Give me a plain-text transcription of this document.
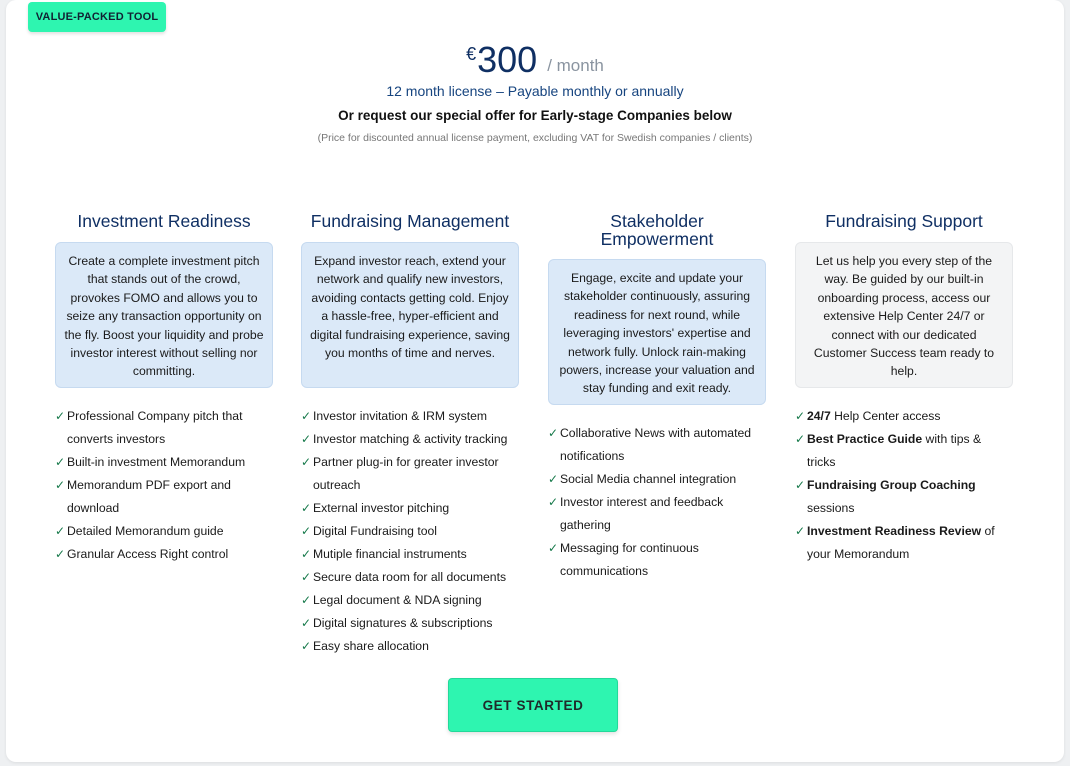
VALUE-PACKED TOOL
€ 300 / month
12 month license – Payable monthly or annually
Or request our special offer for Early-stage Companies below
(Price for discounted annual license payment, excluding VAT for Swedish companies / clients)
Investment Readiness
Create a complete investment pitch that stands out of the crowd, provokes FOMO and allows you to seize any transaction opportunity on the fly. Boost your liquidity and probe investor interest without selling nor committing.
✓ Professional Company pitch that converts investors
✓ Built-in investment Memorandum
✓ Memorandum PDF export and download
✓ Detailed Memorandum guide
✓ Granular Access Right control
Fundraising Management
Expand investor reach, extend your network and qualify new investors, avoiding contacts getting cold. Enjoy a hassle-free, hyper-efficient and digital fundraising experience, saving you months of time and nerves.
✓ Investor invitation & IRM system
✓ Investor matching & activity tracking
✓ Partner plug-in for greater investor outreach
✓ External investor pitching
✓ Digital Fundraising tool
✓ Mutiple financial instruments
✓ Secure data room for all documents
✓ Legal document & NDA signing
✓ Digital signatures & subscriptions
✓ Easy share allocation
Stakeholder Empowerment
Engage, excite and update your stakeholder continuously, assuring readiness for next round, while leveraging investors' expertise and network fully. Unlock rain-making powers, increase your valuation and stay funding and exit ready.
✓ Collaborative News with automated notifications
✓ Social Media channel integration
✓ Investor interest and feedback gathering
✓ Messaging for continuous communications
Fundraising Support
Let us help you every step of the way. Be guided by our built-in onboarding process, access our extensive Help Center 24/7 or connect with our dedicated Customer Success team ready to help.
✓ 24/7 Help Center access
✓ Best Practice Guide with tips & tricks
✓ Fundraising Group Coaching sessions
✓ Investment Readiness Review of your Memorandum
GET STARTED
